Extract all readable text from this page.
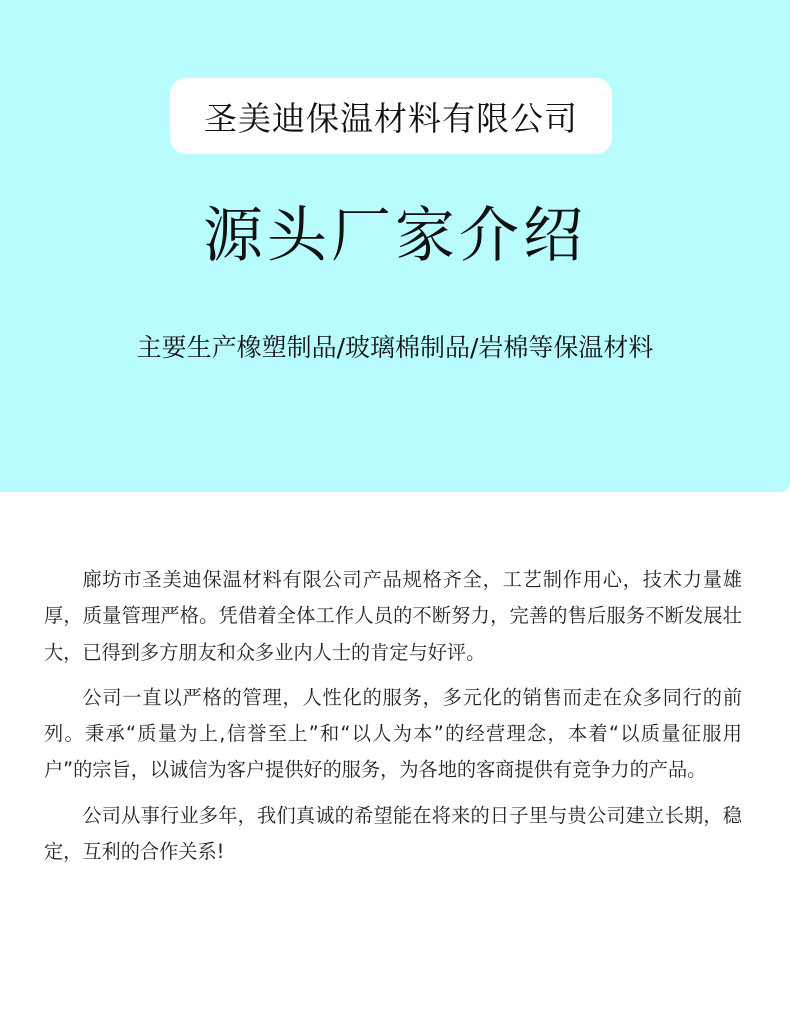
圣美迪保温材料有限公司
源头厂家介绍
主要生产橡塑制品/玻璃棉制品/岩棉等保温材料

廊坊市圣美迪保温材料有限公司产品规格齐全，工艺制作用心，技术力量雄厚，质量管理严格。凭借着全体工作人员的不断努力，完善的售后服务不断发展壮大，已得到多方朋友和众多业内人士的肯定与好评。

公司一直以严格的管理，人性化的服务，多元化的销售而走在众多同行的前列。秉承“质量为上,信誉至上”和“以人为本”的经营理念，本着“以质量征服用户”的宗旨，以诚信为客户提供好的服务，为各地的客商提供有竞争力的产品。

公司从事行业多年，我们真诚的希望能在将来的日子里与贵公司建立长期，稳定，互利的合作关系!
